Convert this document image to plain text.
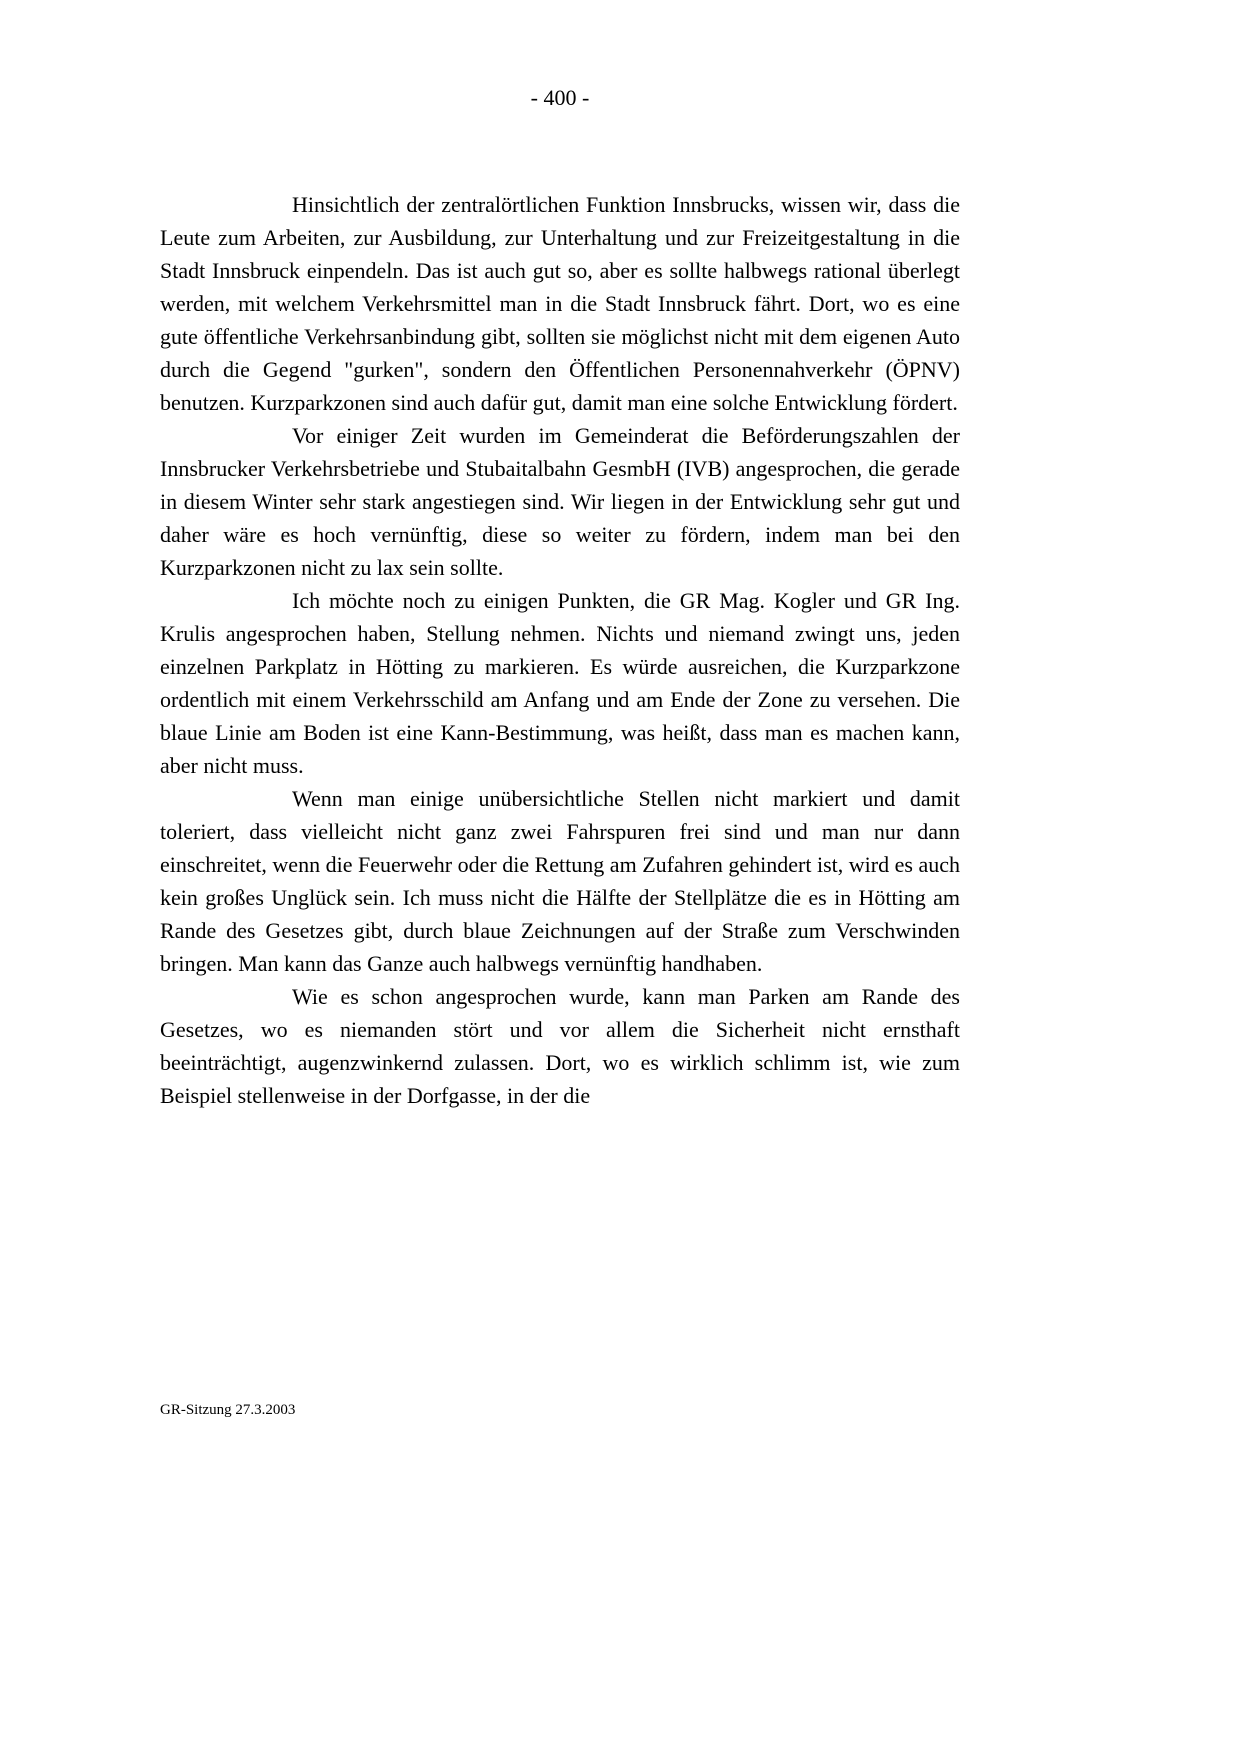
- 400 -

Hinsichtlich der zentralörtlichen Funktion Innsbrucks, wissen wir, dass die Leute zum Arbeiten, zur Ausbildung, zur Unterhaltung und zur Freizeitgestaltung in die Stadt Innsbruck einpendeln. Das ist auch gut so, aber es sollte halbwegs rational überlegt werden, mit welchem Verkehrsmittel man in die Stadt Innsbruck fährt. Dort, wo es eine gute öffentliche Verkehrsanbindung gibt, sollten sie möglichst nicht mit dem eigenen Auto durch die Gegend "gurken", sondern den Öffentlichen Personennahverkehr (ÖPNV) benutzen. Kurzparkzonen sind auch dafür gut, damit man eine solche Entwicklung fördert.

Vor einiger Zeit wurden im Gemeinderat die Beförderungszahlen der Innsbrucker Verkehrsbetriebe und Stubaitalbahn GesmbH (IVB) angesprochen, die gerade in diesem Winter sehr stark angestiegen sind. Wir liegen in der Entwicklung sehr gut und daher wäre es hoch vernünftig, diese so weiter zu fördern, indem man bei den Kurzparkzonen nicht zu lax sein sollte.

Ich möchte noch zu einigen Punkten, die GR Mag. Kogler und GR Ing. Krulis angesprochen haben, Stellung nehmen. Nichts und niemand zwingt uns, jeden einzelnen Parkplatz in Hötting zu markieren. Es würde ausreichen, die Kurzparkzone ordentlich mit einem Verkehrsschild am Anfang und am Ende der Zone zu versehen. Die blaue Linie am Boden ist eine Kann-Bestimmung, was heißt, dass man es machen kann, aber nicht muss.

Wenn man einige unübersichtliche Stellen nicht markiert und damit toleriert, dass vielleicht nicht ganz zwei Fahrspuren frei sind und man nur dann einschreitet, wenn die Feuerwehr oder die Rettung am Zufahren gehindert ist, wird es auch kein großes Unglück sein. Ich muss nicht die Hälfte der Stellplätze die es in Hötting am Rande des Gesetzes gibt, durch blaue Zeichnungen auf der Straße zum Verschwinden bringen. Man kann das Ganze auch halbwegs vernünftig handhaben.

Wie es schon angesprochen wurde, kann man Parken am Rande des Gesetzes, wo es niemanden stört und vor allem die Sicherheit nicht ernsthaft beeinträchtigt, augenzwinkernd zulassen. Dort, wo es wirklich schlimm ist, wie zum Beispiel stellenweise in der Dorfgasse, in der die

GR-Sitzung 27.3.2003
